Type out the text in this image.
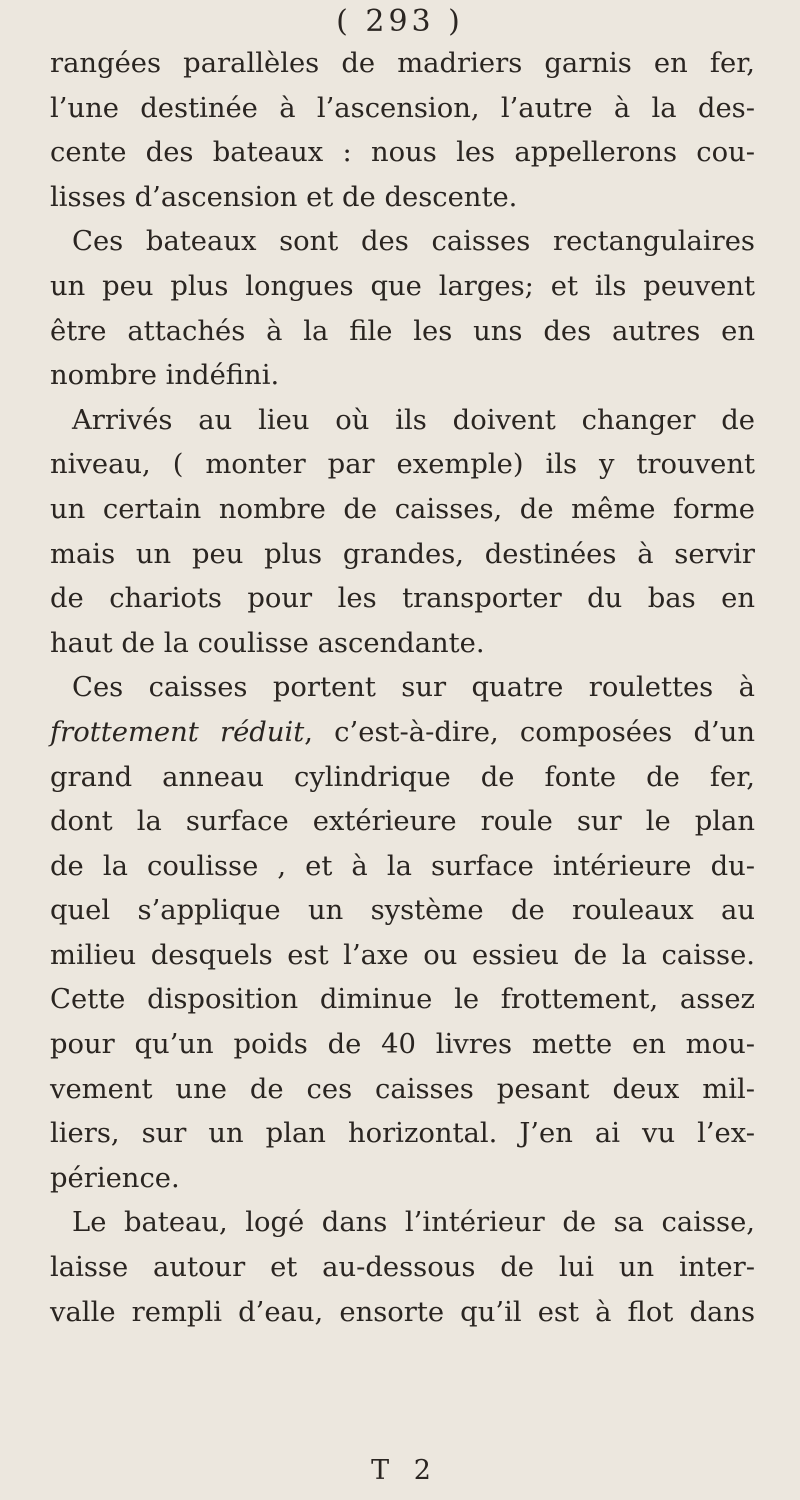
( 293 )
rangées parallèles de madriers garnis en fer,
l’une destinée à l’ascension, l’autre à la des-
cente des bateaux : nous les appellerons cou-
lisses d’ascension et de descente.
Ces bateaux sont des caisses rectangulaires
un peu plus longues que larges; et ils peuvent
être attachés à la file les uns des autres en
nombre indéfini.
Arrivés au lieu où ils doivent changer de
niveau, ( monter par exemple) ils y trouvent
un certain nombre de caisses, de même forme
mais un peu plus grandes, destinées à servir
de chariots pour les transporter du bas en
haut de la coulisse ascendante.
Ces caisses portent sur quatre roulettes à
frottement réduit, c’est-à-dire, composées d’un
grand anneau cylindrique de fonte de fer,
dont la surface extérieure roule sur le plan
de la coulisse , et à la surface intérieure du-
quel s’applique un système de rouleaux au
milieu desquels est l’axe ou essieu de la caisse.
Cette disposition diminue le frottement, assez
pour qu’un poids de 40 livres mette en mou-
vement une de ces caisses pesant deux mil-
liers, sur un plan horizontal. J’en ai vu l’ex-
périence.
Le bateau, logé dans l’intérieur de sa caisse,
laisse autour et au-dessous de lui un inter-
valle rempli d’eau, ensorte qu’il est à flot dans
T 2
